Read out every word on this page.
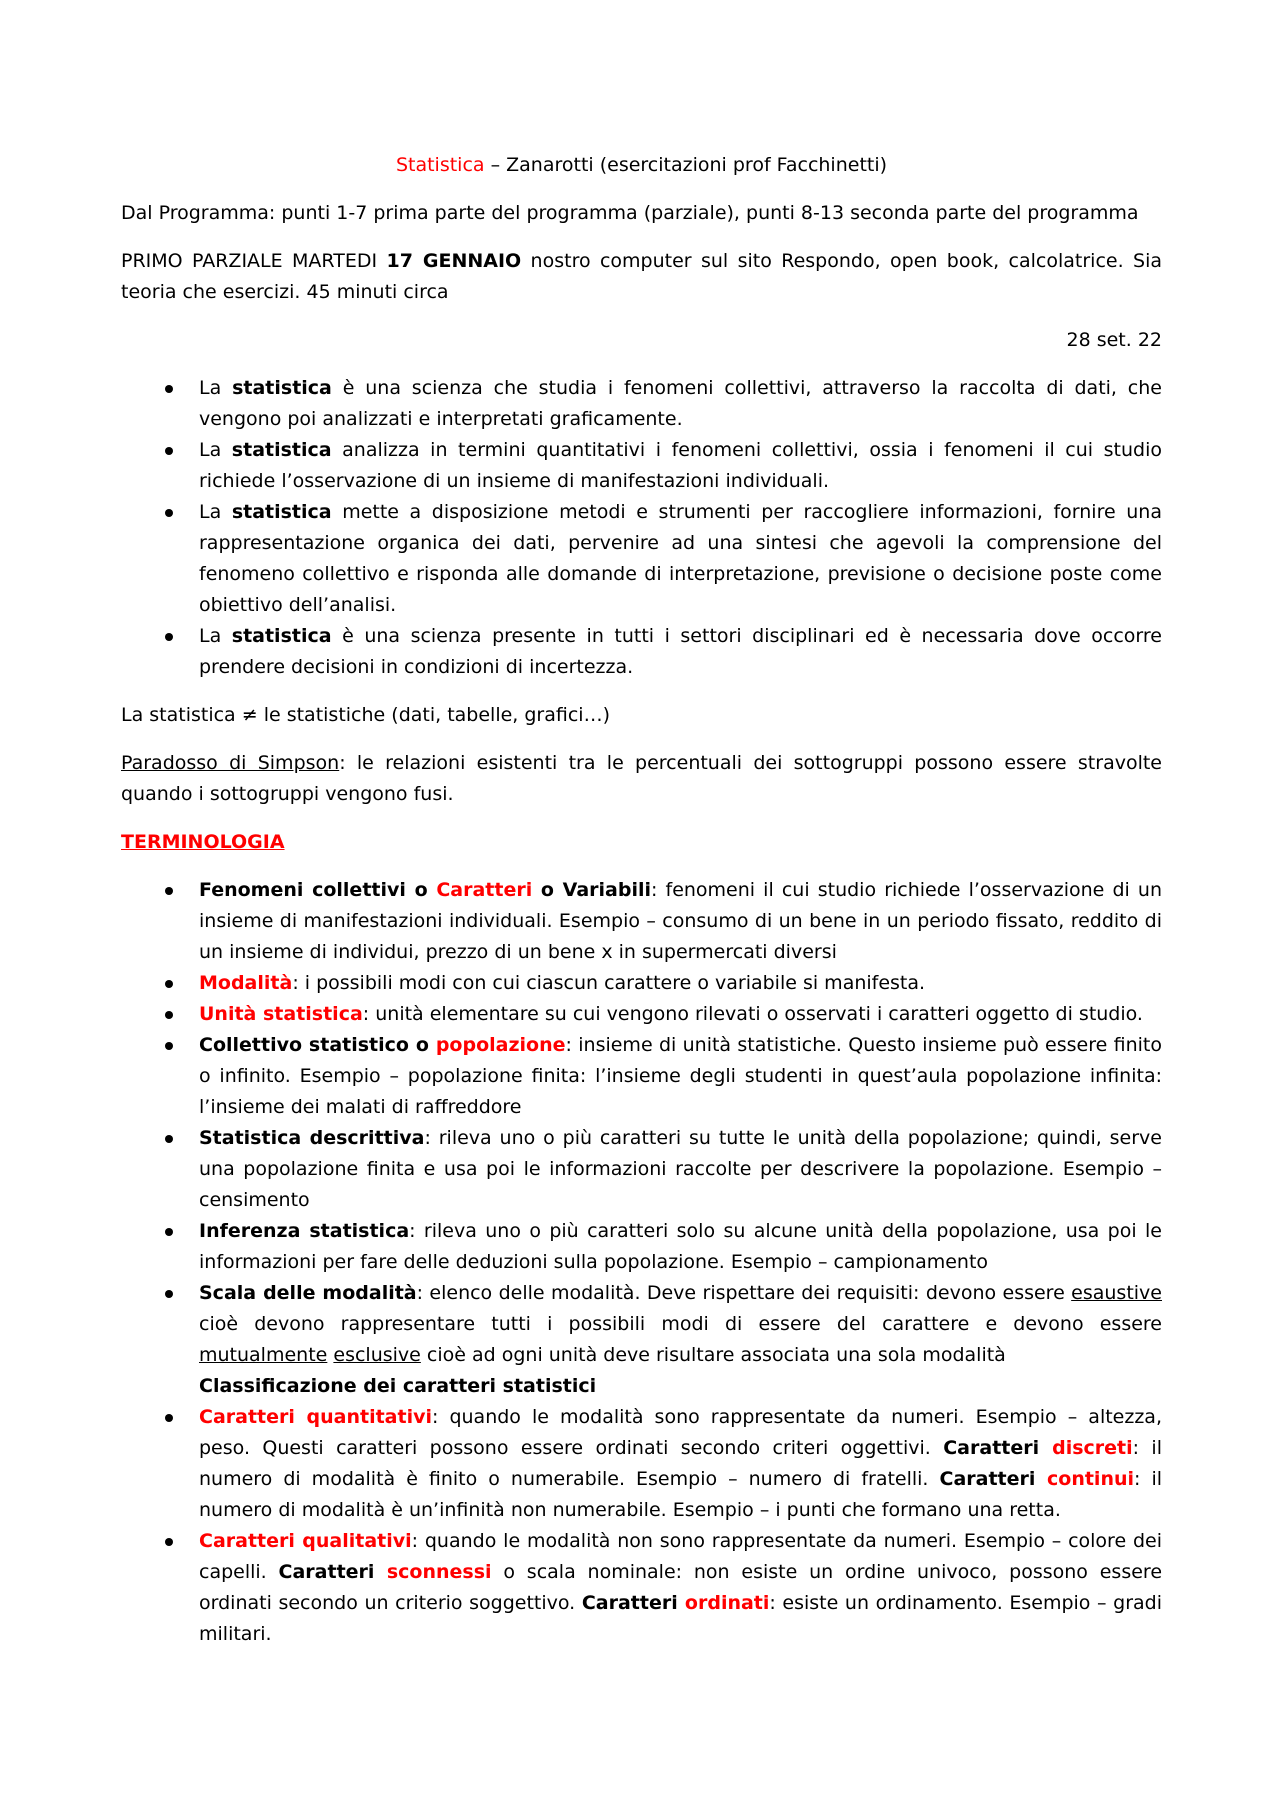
Statistica – Zanarotti (esercitazioni prof Facchinetti)

Dal Programma: punti 1-7 prima parte del programma (parziale), punti 8-13 seconda parte del programma

PRIMO PARZIALE MARTEDI 17 GENNAIO nostro computer sul sito Respondo, open book, calcolatrice. Sia teoria che esercizi. 45 minuti circa

28 set. 22

La statistica è una scienza che studia i fenomeni collettivi, attraverso la raccolta di dati, che vengono poi analizzati e interpretati graficamente.
La statistica analizza in termini quantitativi i fenomeni collettivi, ossia i fenomeni il cui studio richiede l’osservazione di un insieme di manifestazioni individuali.
La statistica mette a disposizione metodi e strumenti per raccogliere informazioni, fornire una rappresentazione organica dei dati, pervenire ad una sintesi che agevoli la comprensione del fenomeno collettivo e risponda alle domande di interpretazione, previsione o decisione poste come obiettivo dell’analisi.
La statistica è una scienza presente in tutti i settori disciplinari ed è necessaria dove occorre prendere decisioni in condizioni di incertezza.

La statistica ≠ le statistiche (dati, tabelle, grafici…)

Paradosso di Simpson: le relazioni esistenti tra le percentuali dei sottogruppi possono essere stravolte quando i sottogruppi vengono fusi.

TERMINOLOGIA

Fenomeni collettivi o Caratteri o Variabili: fenomeni il cui studio richiede l’osservazione di un insieme di manifestazioni individuali. Esempio – consumo di un bene in un periodo fissato, reddito di un insieme di individui, prezzo di un bene x in supermercati diversi
Modalità: i possibili modi con cui ciascun carattere o variabile si manifesta.
Unità statistica: unità elementare su cui vengono rilevati o osservati i caratteri oggetto di studio.
Collettivo statistico o popolazione: insieme di unità statistiche. Questo insieme può essere finito o infinito. Esempio – popolazione finita: l’insieme degli studenti in quest’aula popolazione infinita: l’insieme dei malati di raffreddore
Statistica descrittiva: rileva uno o più caratteri su tutte le unità della popolazione; quindi, serve una popolazione finita e usa poi le informazioni raccolte per descrivere la popolazione. Esempio – censimento
Inferenza statistica: rileva uno o più caratteri solo su alcune unità della popolazione, usa poi le informazioni per fare delle deduzioni sulla popolazione. Esempio – campionamento
Scala delle modalità: elenco delle modalità. Deve rispettare dei requisiti: devono essere esaustive cioè devono rappresentare tutti i possibili modi di essere del carattere e devono essere mutualmente esclusive cioè ad ogni unità deve risultare associata una sola modalità

Classificazione dei caratteri statistici

Caratteri quantitativi: quando le modalità sono rappresentate da numeri. Esempio – altezza, peso. Questi caratteri possono essere ordinati secondo criteri oggettivi. Caratteri discreti: il numero di modalità è finito o numerabile. Esempio – numero di fratelli. Caratteri continui: il numero di modalità è un’infinità non numerabile. Esempio – i punti che formano una retta.
Caratteri qualitativi: quando le modalità non sono rappresentate da numeri. Esempio – colore dei capelli. Caratteri sconnessi o scala nominale: non esiste un ordine univoco, possono essere ordinati secondo un criterio soggettivo. Caratteri ordinati: esiste un ordinamento. Esempio – gradi militari.
